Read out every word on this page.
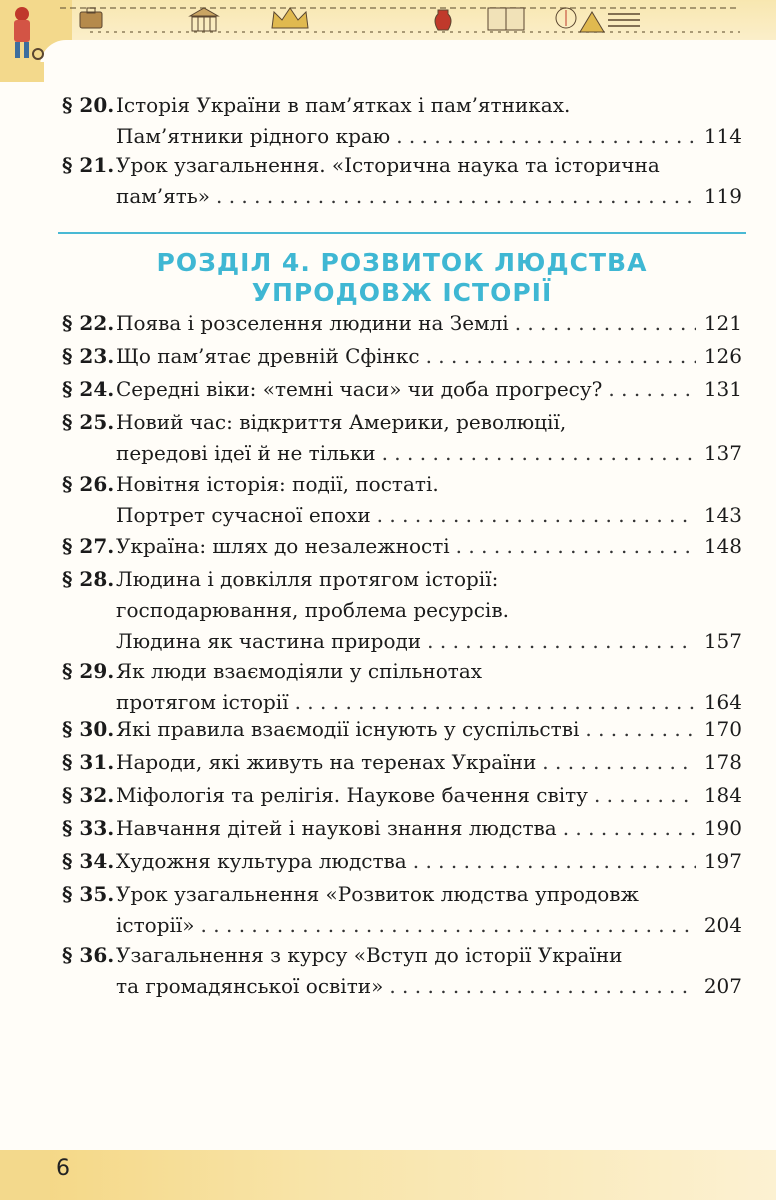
§ 20. Історія України в пам’ятках і пам’ятниках.
Пам’ятники рідного краю . . .	114
§ 21. Урок узагальнення. «Історична наука та історична
пам’ять» . . .	119
РОЗДІЛ 4. РОЗВИТОК ЛЮДСТВА
УПРОДОВЖ ІСТОРІЇ
§ 22. Поява і розселення людини на Землі . . .	121
§ 23. Що пам’ятає древній Сфінкс . . .	126
§ 24. Середні віки: «темні часи» чи доба прогресу? . . .	131
§ 25. Новий час: відкриття Америки, революції,
передові ідеї й не тільки . . .	137
§ 26. Новітня історія: події, постаті.
Портрет сучасної епохи . . .	143
§ 27. Україна: шлях до незалежності . . .	148
§ 28. Людина і довкілля протягом історії:
господарювання, проблема ресурсів.
Людина як частина природи . . .	157
§ 29. Як люди взаємодіяли у спільнотах
протягом історії . . .	164
§ 30. Які правила взаємодії існують у суспільстві . . .	170
§ 31. Народи, які живуть на теренах України . . .	178
§ 32. Міфологія та релігія. Наукове бачення світу . . .	184
§ 33. Навчання дітей і наукові знання людства . . .	190
§ 34. Художня культура людства . . .	197
§ 35. Урок узагальнення «Розвиток людства упродовж
історії» . . .	204
§ 36. Узагальнення з курсу «Вступ до історії України
та громадянської освіти» . . .	207
6
